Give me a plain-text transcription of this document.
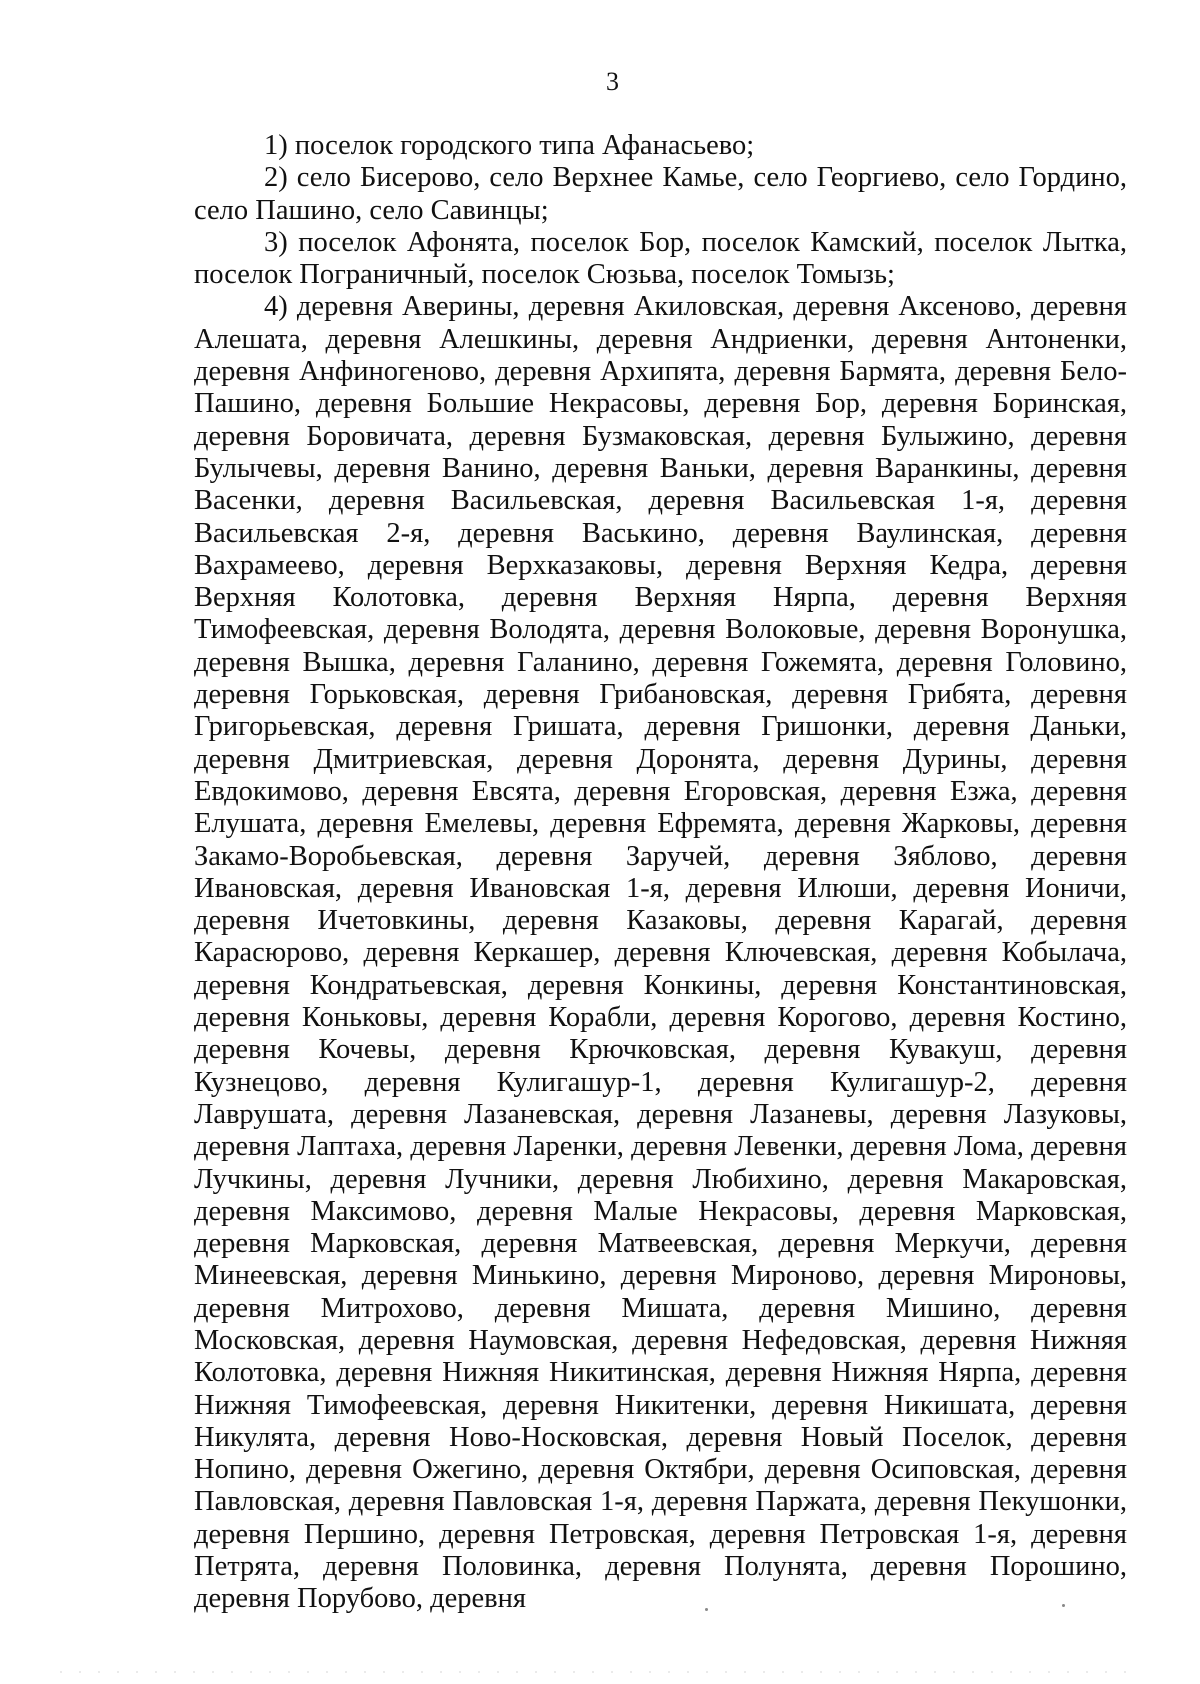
3

1) поселок городского типа Афанасьево;

2) село Бисерово, село Верхнее Камье, село Георгиево, село Гордино, село Пашино, село Савинцы;

3) поселок Афонята, поселок Бор, поселок Камский, поселок Лытка, поселок Пограничный, поселок Сюзьва, поселок Томызь;

4) деревня Аверины, деревня Акиловская, деревня Аксеново, деревня Алешата, деревня Алешкины, деревня Андриенки, деревня Антоненки, деревня Анфиногеново, деревня Архипята, деревня Бармята, деревня Бело-Пашино, деревня Большие Некрасовы, деревня Бор, деревня Боринская, деревня Боровичата, деревня Бузмаковская, деревня Булыжино, деревня Булычевы, деревня Ванино, деревня Ваньки, деревня Варанкины, деревня Васенки, деревня Васильевская, деревня Васильевская 1-я, деревня Васильевская 2-я, деревня Васькино, деревня Ваулинская, деревня Вахрамеево, деревня Верхказаковы, деревня Верхняя Кедра, деревня Верхняя Колотовка, деревня Верхняя Нярпа, деревня Верхняя Тимофеевская, деревня Володята, деревня Волоковые, деревня Воронушка, деревня Вышка, деревня Галанино, деревня Гожемята, деревня Головино, деревня Горьковская, деревня Грибановская, деревня Грибята, деревня Григорьевская, деревня Гришата, деревня Гришонки, деревня Даньки, деревня Дмитриевская, деревня Доронята, деревня Дурины, деревня Евдокимово, деревня Евсята, деревня Егоровская, деревня Езжа, деревня Елушата, деревня Емелевы, деревня Ефремята, деревня Жарковы, деревня Закамо-Воробьевская, деревня Заручей, деревня Зяблово, деревня Ивановская, деревня Ивановская 1-я, деревня Илюши, деревня Ионичи, деревня Ичетовкины, деревня Казаковы, деревня Карагай, деревня Карасюрово, деревня Керкашер, деревня Ключевская, деревня Кобылача, деревня Кондратьевская, деревня Конкины, деревня Константиновская, деревня Коньковы, деревня Корабли, деревня Корогово, деревня Костино, деревня Кочевы, деревня Крючковская, деревня Кувакуш, деревня Кузнецово, деревня Кулигашур-1, деревня Кулигашур-2, деревня Лаврушата, деревня Лазаневская, деревня Лазаневы, деревня Лазуковы, деревня Лаптаха, деревня Ларенки, деревня Левенки, деревня Лома, деревня Лучкины, деревня Лучники, деревня Любихино, деревня Макаровская, деревня Максимово, деревня Малые Некрасовы, деревня Марковская, деревня Марковская, деревня Матвеевская, деревня Меркучи, деревня Минеевская, деревня Минькино, деревня Мироново, деревня Мироновы, деревня Митрохово, деревня Мишата, деревня Мишино, деревня Московская, деревня Наумовская, деревня Нефедовская, деревня Нижняя Колотовка, деревня Нижняя Никитинская, деревня Нижняя Нярпа, деревня Нижняя Тимофеевская, деревня Никитенки, деревня Никишата, деревня Никулята, деревня Ново-Носковская, деревня Новый Поселок, деревня Нопино, деревня Ожегино, деревня Октябри, деревня Осиповская, деревня Павловская, деревня Павловская 1-я, деревня Паржата, деревня Пекушонки, деревня Першино, деревня Петровская, деревня Петровская 1-я, деревня Петрята, деревня Половинка, деревня Полунята, деревня Порошино, деревня Порубово, деревня
